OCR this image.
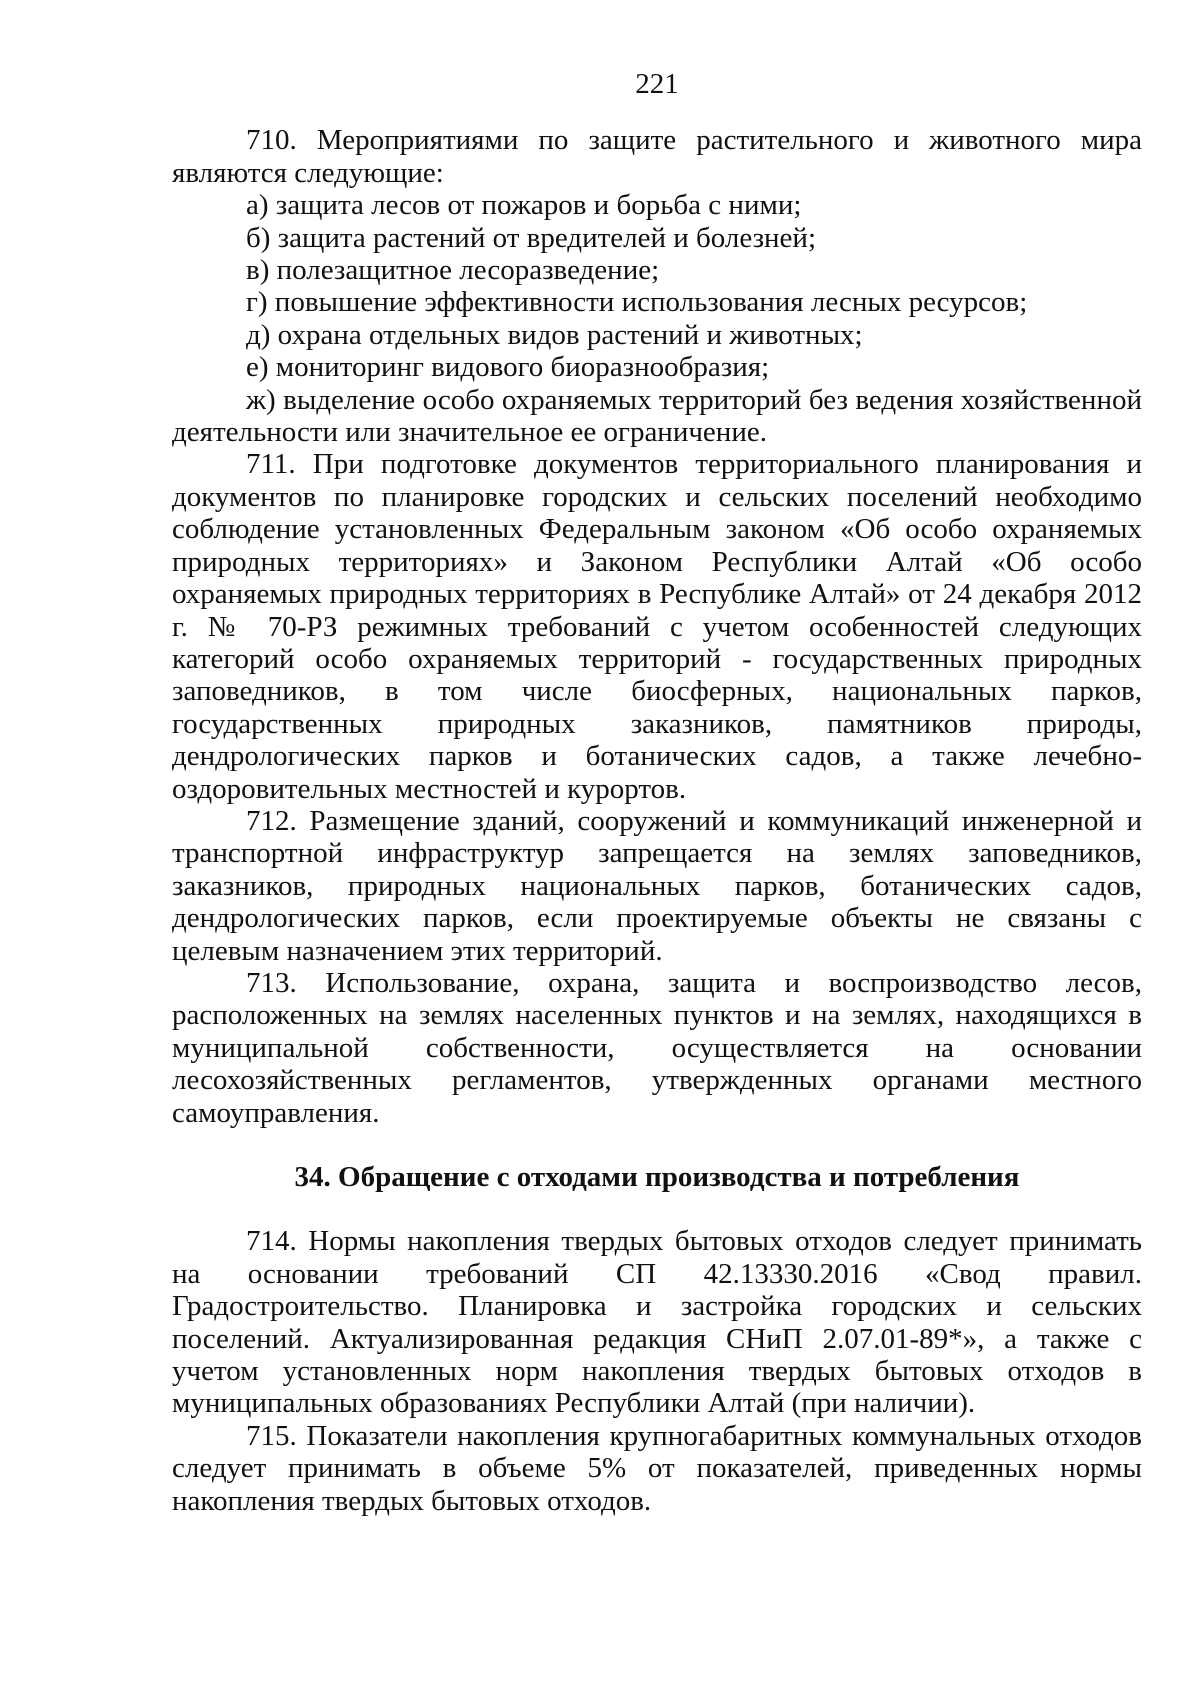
221

710. Мероприятиями по защите растительного и животного мира являются следующие:

а) защита лесов от пожаров и борьба с ними;

б) защита растений от вредителей и болезней;

в) полезащитное лесоразведение;

г) повышение эффективности использования лесных ресурсов;

д) охрана отдельных видов растений и животных;

е) мониторинг видового биоразнообразия;

ж) выделение особо охраняемых территорий без ведения хозяйственной деятельности или значительное ее ограничение.

711. При подготовке документов территориального планирования и документов по планировке городских и сельских поселений необходимо соблюдение установленных Федеральным законом «Об особо охраняемых природных территориях» и Законом Республики Алтай «Об особо охраняемых природных территориях в Республике Алтай» от 24 декабря 2012 г. № 70-РЗ режимных требований с учетом особенностей следующих категорий особо охраняемых территорий - государственных природных заповедников, в том числе биосферных, национальных парков, государственных природных заказников, памятников природы, дендрологических парков и ботанических садов, а также лечебно-оздоровительных местностей и курортов.

712. Размещение зданий, сооружений и коммуникаций инженерной и транспортной инфраструктур запрещается на землях заповедников, заказников, природных национальных парков, ботанических садов, дендрологических парков, если проектируемые объекты не связаны с целевым назначением этих территорий.

713. Использование, охрана, защита и воспроизводство лесов, расположенных на землях населенных пунктов и на землях, находящихся в муниципальной собственности, осуществляется на основании лесохозяйственных регламентов, утвержденных органами местного самоуправления.

34. Обращение с отходами производства и потребления

714. Нормы накопления твердых бытовых отходов следует принимать на основании требований СП 42.13330.2016 «Свод правил. Градостроительство. Планировка и застройка городских и сельских поселений. Актуализированная редакция СНиП 2.07.01-89*», а также с учетом установленных норм накопления твердых бытовых отходов в муниципальных образованиях Республики Алтай (при наличии).

715. Показатели накопления крупногабаритных коммунальных отходов следует принимать в объеме 5% от показателей, приведенных нормы накопления твердых бытовых отходов.
